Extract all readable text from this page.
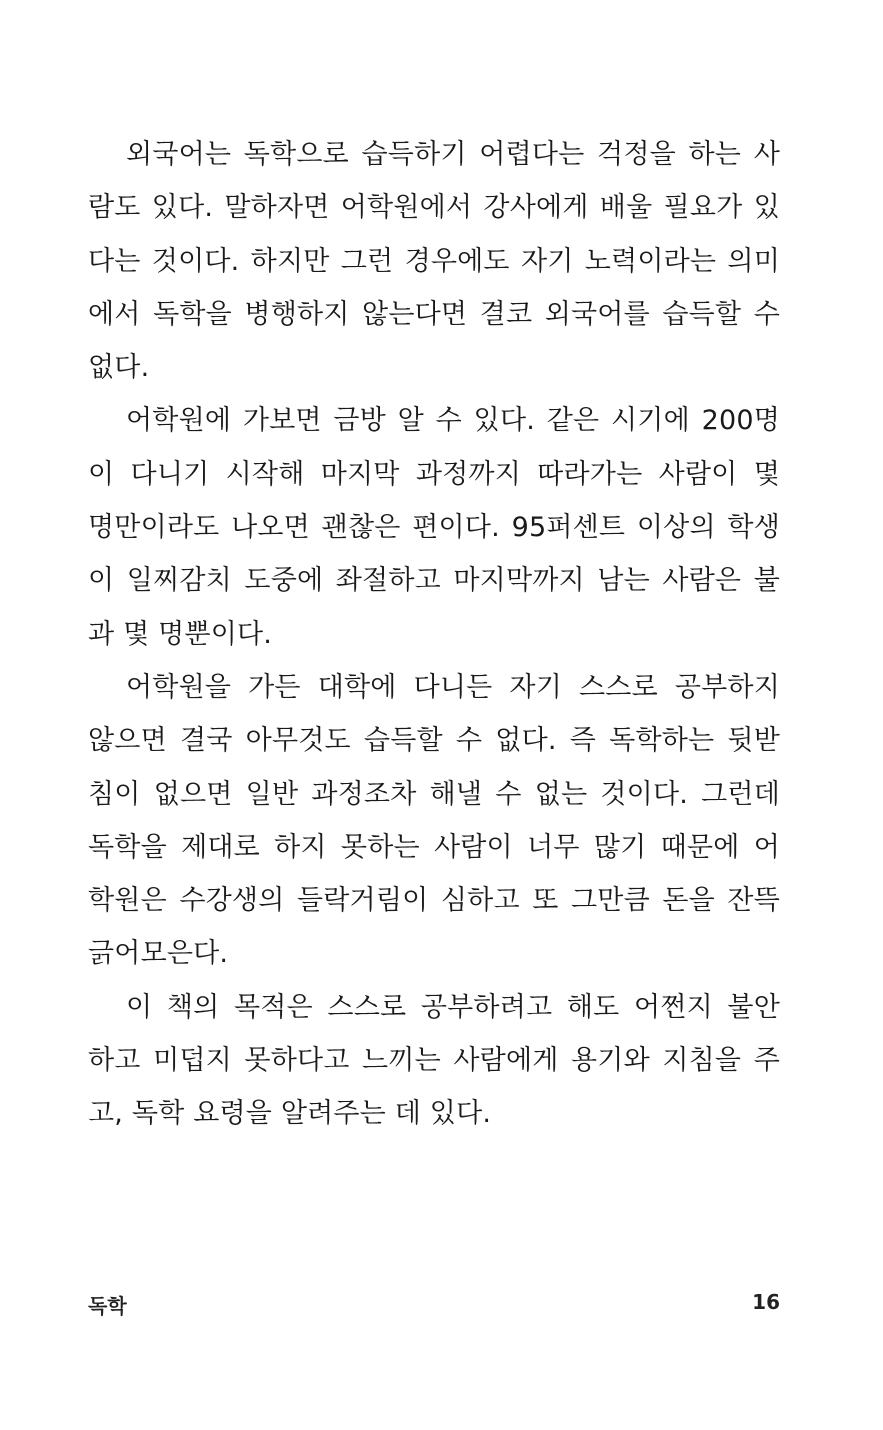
외국어는 독학으로 습득하기 어렵다는 걱정을 하는 사
람도 있다. 말하자면 어학원에서 강사에게 배울 필요가 있
다는 것이다. 하지만 그런 경우에도 자기 노력이라는 의미
에서 독학을 병행하지 않는다면 결코 외국어를 습득할 수
없다.
어학원에 가보면 금방 알 수 있다. 같은 시기에 200명
이 다니기 시작해 마지막 과정까지 따라가는 사람이 몇
명만이라도 나오면 괜찮은 편이다. 95퍼센트 이상의 학생
이 일찌감치 도중에 좌절하고 마지막까지 남는 사람은 불
과 몇 명뿐이다.
어학원을 가든 대학에 다니든 자기 스스로 공부하지
않으면 결국 아무것도 습득할 수 없다. 즉 독학하는 뒷받
침이 없으면 일반 과정조차 해낼 수 없는 것이다. 그런데
독학을 제대로 하지 못하는 사람이 너무 많기 때문에 어
학원은 수강생의 들락거림이 심하고 또 그만큼 돈을 잔뜩
긁어모은다.
이 책의 목적은 스스로 공부하려고 해도 어쩐지 불안
하고 미덥지 못하다고 느끼는 사람에게 용기와 지침을 주
고, 독학 요령을 알려주는 데 있다.
독학	16
